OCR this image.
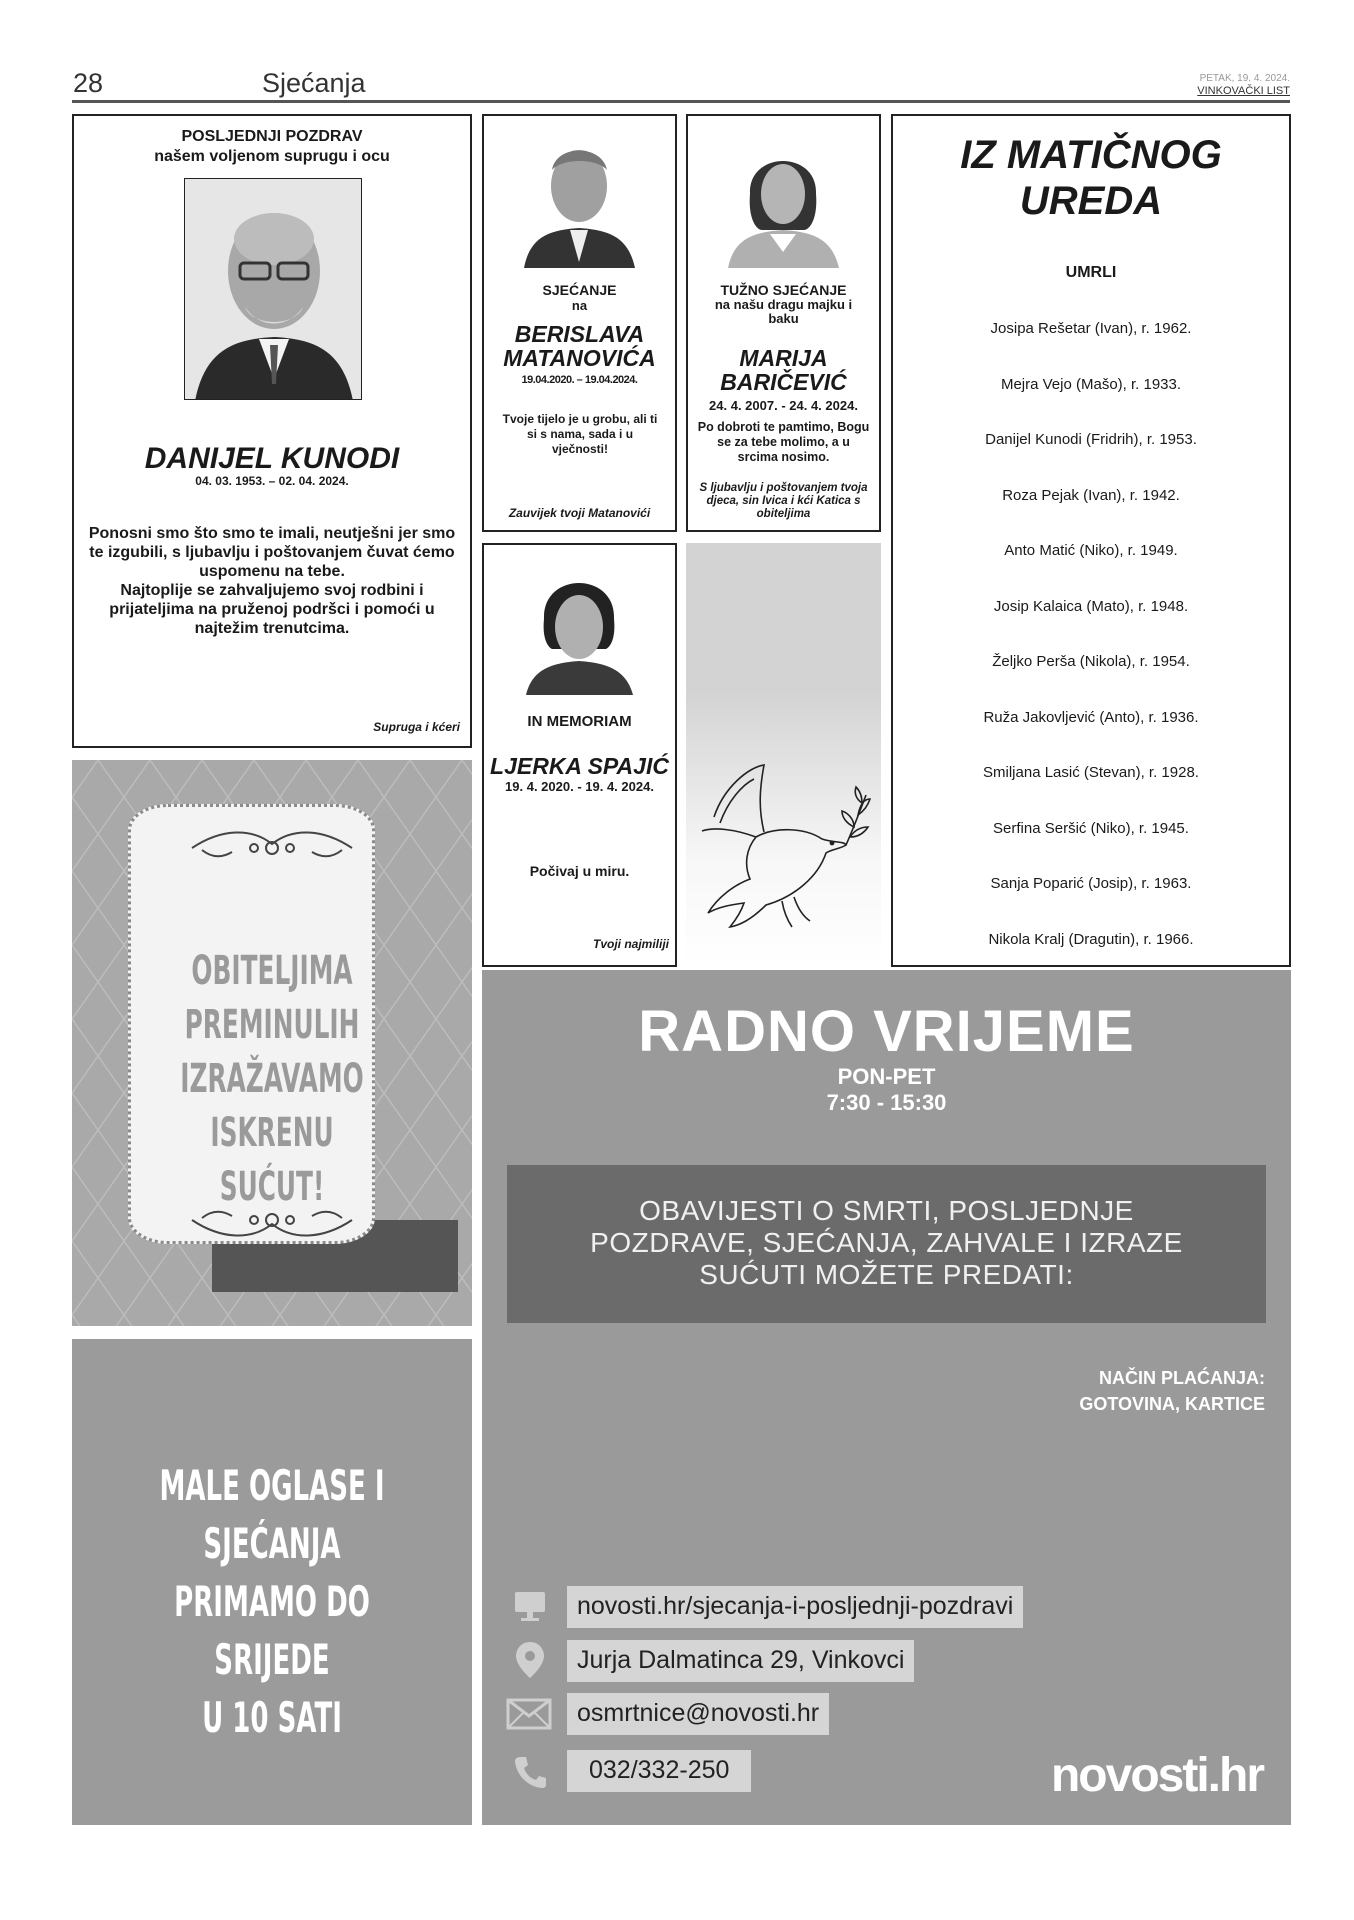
28	Sjećanja	PETAK, 19. 4. 2024.
VINKOVAČKI LIST
POSLJEDNJI POZDRAV
našem voljenom suprugu i ocu
DANIJEL KUNODI
04. 03. 1953. – 02. 04. 2024.
Ponosni smo što smo te imali, neutješni jer smo te izgubili, s ljubavlju i poštovanjem čuvat ćemo uspomenu na tebe.
Najtoplije se zahvaljujemo svoj rodbini i prijateljima na pruženoj podršci i pomoći u najtežim trenutcima.
Supruga i kćeri
SJEĆANJE
na
BERISLAVA
MATANOVIĆA
19.04.2020. – 19.04.2024.
Tvoje tijelo je u grobu, ali ti si s nama, sada i u vječnosti!
Zauvijek tvoji Matanovići
TUŽNO SJEĆANJE
na našu dragu majku i baku
MARIJA
BARIČEVIĆ
24. 4. 2007. - 24. 4. 2024.
Po dobroti te pamtimo, Bogu se za tebe molimo, a u srcima nosimo.
S ljubavlju i poštovanjem tvoja djeca, sin Ivica i kći Katica s obiteljima
IN MEMORIAM
LJERKA SPAJIĆ
19. 4. 2020. - 19. 4. 2024.
Počivaj u miru.
Tvoji najmiliji
IZ MATIČNOG
UREDA
UMRLI
Josipa Rešetar (Ivan), r. 1962.
Mejra Vejo (Mašo), r. 1933.
Danijel Kunodi (Fridrih), r. 1953.
Roza Pejak (Ivan), r. 1942.
Anto Matić (Niko), r. 1949.
Josip Kalaica (Mato), r. 1948.
Željko Perša (Nikola), r. 1954.
Ruža Jakovljević (Anto), r. 1936.
Smiljana Lasić (Stevan), r. 1928.
Serfina Seršić (Niko), r. 1945.
Sanja Poparić (Josip), r. 1963.
Nikola Kralj (Dragutin), r. 1966.
OBITELJIMA
PREMINULIH
IZRAŽAVAMO
ISKRENU SUĆUT!
MALE OGLASE I
SJEĆANJA
PRIMAMO DO SRIJEDE
U 10 SATI
RADNO VRIJEME
PON-PET
7:30 - 15:30
OBAVIJESTI O SMRTI, POSLJEDNJE POZDRAVE, SJEĆANJA, ZAHVALE I IZRAZE SUĆUTI MOŽETE PREDATI:
NAČIN PLAĆANJA:
GOTOVINA, KARTICE
novosti.hr/sjecanja-i-posljednji-pozdravi
Jurja Dalmatinca 29, Vinkovci
osmrtnice@novosti.hr
032/332-250	novosti.hr
